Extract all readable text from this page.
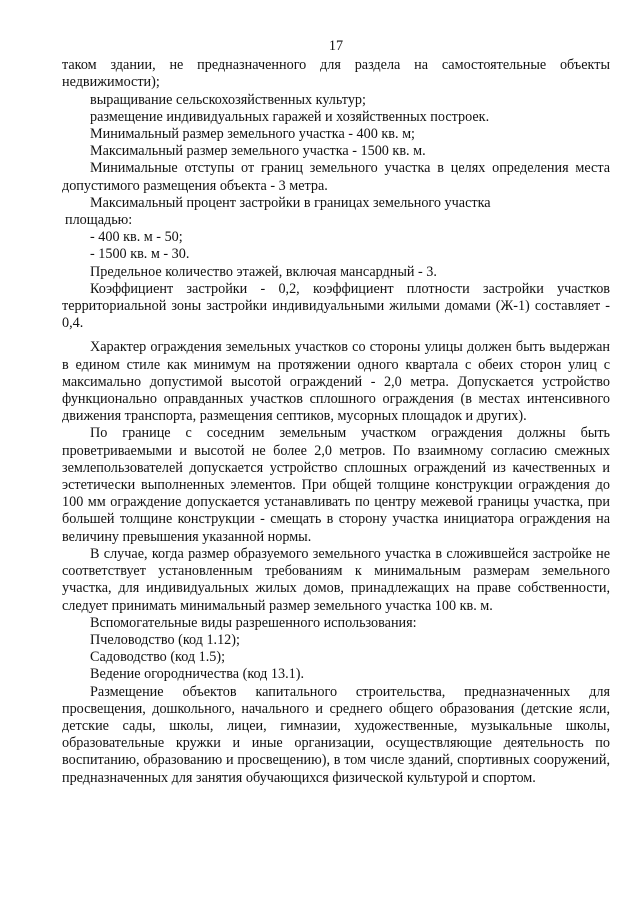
17

таком здании, не предназначенного для раздела на самостоятельные объекты недвижимости);

выращивание сельскохозяйственных культур;

размещение индивидуальных гаражей и хозяйственных построек.

Минимальный размер земельного участка - 400 кв. м;

Максимальный размер земельного участка - 1500 кв. м.

Минимальные отступы от границ земельного участка в целях определения места допустимого размещения объекта - 3 метра.

Максимальный процент застройки в границах земельного участка

площадью:

- 400 кв. м - 50;

- 1500 кв. м - 30.

Предельное количество этажей, включая мансардный - 3.

Коэффициент застройки - 0,2, коэффициент плотности застройки участков территориальной зоны застройки индивидуальными жилыми домами (Ж-1) составляет - 0,4.

Характер ограждения земельных участков со стороны улицы должен быть выдержан в едином стиле как минимум на протяжении одного квартала с обеих сторон улиц с максимально допустимой высотой ограждений - 2,0 метра. Допускается устройство функционально оправданных участков сплошного ограждения (в местах интенсивного движения транспорта, размещения септиков, мусорных площадок и других).

По границе с соседним земельным участком ограждения должны быть проветриваемыми и высотой не более 2,0 метров. По взаимному согласию смежных землепользователей допускается устройство сплошных ограждений из качественных и эстетически выполненных элементов. При общей толщине конструкции ограждения до 100 мм ограждение допускается устанавливать по центру межевой границы участка, при большей толщине конструкции - смещать в сторону участка инициатора ограждения на величину превышения указанной нормы.

В случае, когда размер образуемого земельного участка в сложившейся застройке не соответствует установленным требованиям к минимальным размерам земельного участка, для индивидуальных жилых домов, принадлежащих на праве собственности, следует принимать минимальный размер земельного участка 100 кв. м.

Вспомогательные виды разрешенного использования:

Пчеловодство (код 1.12);

Садоводство (код 1.5);

Ведение огородничества (код 13.1).

Размещение объектов капитального строительства, предназначенных для просвещения, дошкольного, начального и среднего общего образования (детские ясли, детские сады, школы, лицеи, гимназии, художественные, музыкальные школы, образовательные кружки и иные организации, осуществляющие деятельность по воспитанию, образованию и просвещению), в том числе зданий, спортивных сооружений, предназначенных для занятия обучающихся физической культурой и спортом.
